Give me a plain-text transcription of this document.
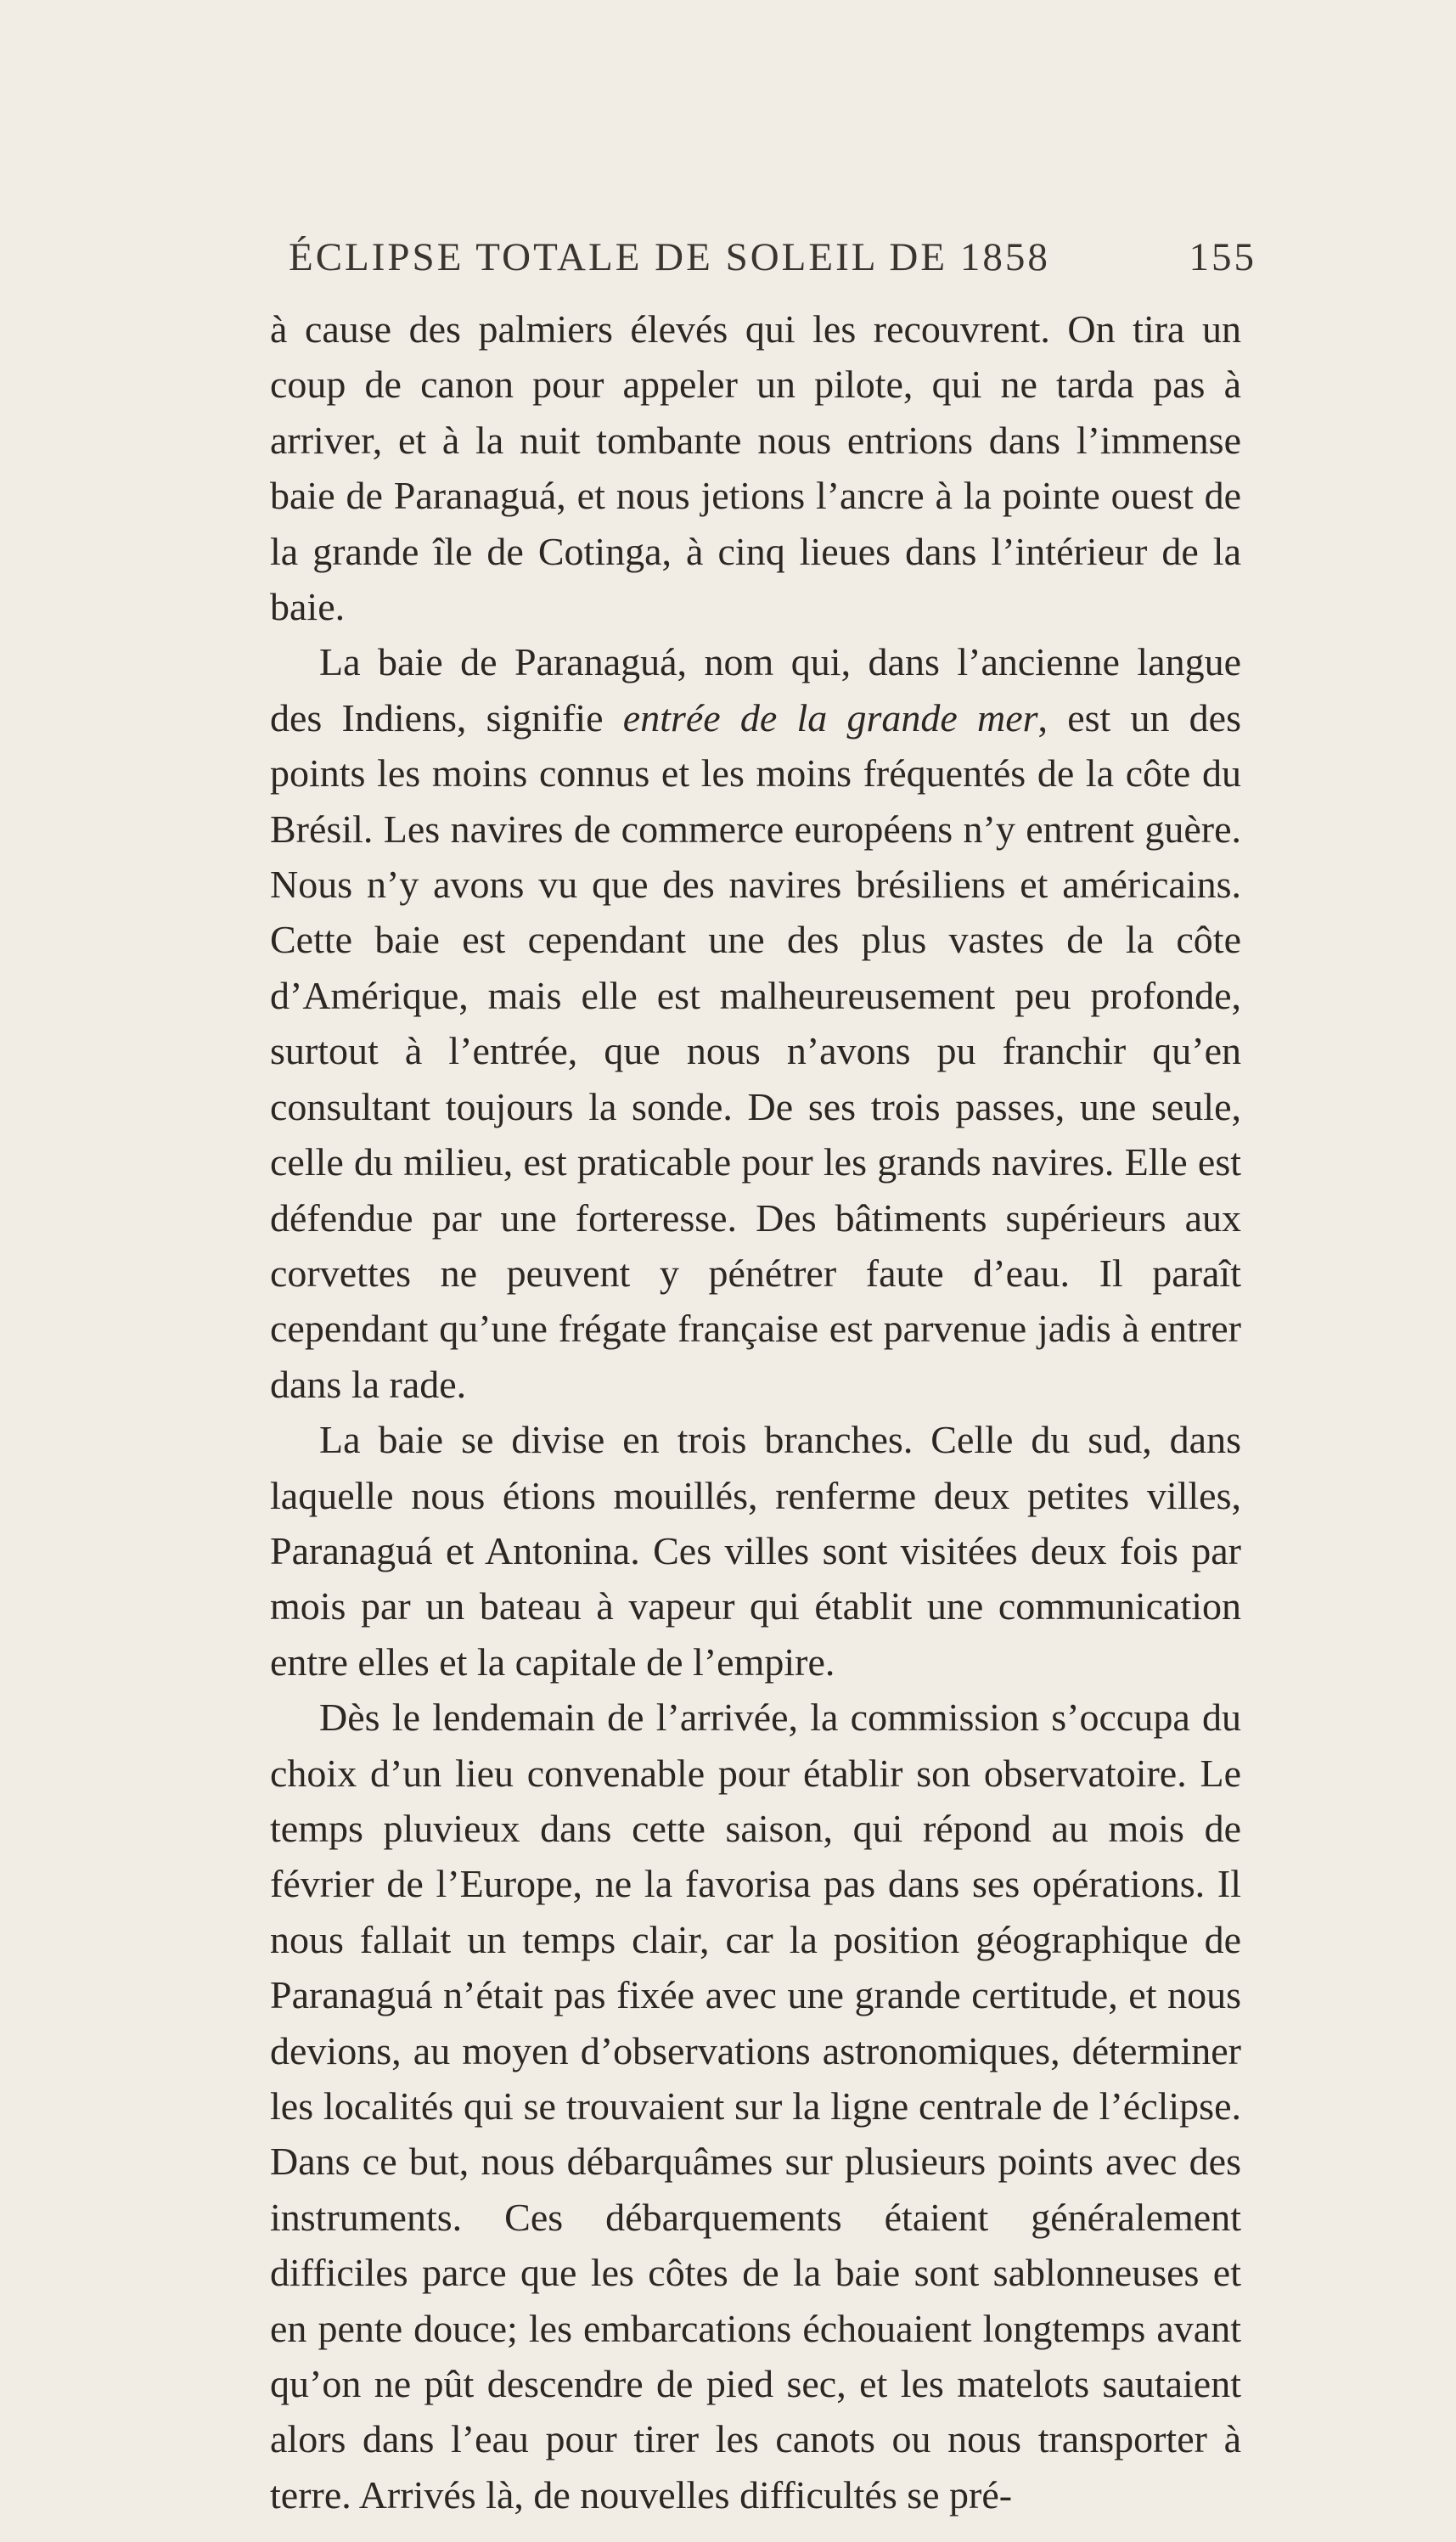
ÉCLIPSE TOTALE DE SOLEIL DE 1858	155

à cause des palmiers élevés qui les recouvrent. On tira un coup de canon pour appeler un pilote, qui ne tarda pas à arriver, et à la nuit tombante nous entrions dans l’immense baie de Paranaguá, et nous jetions l’ancre à la pointe ouest de la grande île de Cotinga, à cinq lieues dans l’intérieur de la baie.

La baie de Paranaguá, nom qui, dans l’ancienne langue des Indiens, signifie entrée de la grande mer, est un des points les moins connus et les moins fréquentés de la côte du Brésil. Les navires de commerce européens n’y entrent guère. Nous n’y avons vu que des navires brésiliens et américains. Cette baie est cependant une des plus vastes de la côte d’Amérique, mais elle est malheureusement peu profonde, surtout à l’entrée, que nous n’avons pu franchir qu’en consultant toujours la sonde. De ses trois passes, une seule, celle du milieu, est praticable pour les grands navires. Elle est défendue par une forteresse. Des bâtiments supérieurs aux corvettes ne peuvent y pénétrer faute d’eau. Il paraît cependant qu’une frégate française est parvenue jadis à entrer dans la rade.

La baie se divise en trois branches. Celle du sud, dans laquelle nous étions mouillés, renferme deux petites villes, Paranaguá et Antonina. Ces villes sont visitées deux fois par mois par un bateau à vapeur qui établit une communication entre elles et la capitale de l’empire.

Dès le lendemain de l’arrivée, la commission s’occupa du choix d’un lieu convenable pour établir son observatoire. Le temps pluvieux dans cette saison, qui répond au mois de février de l’Europe, ne la favorisa pas dans ses opérations. Il nous fallait un temps clair, car la position géographique de Paranaguá n’était pas fixée avec une grande certitude, et nous devions, au moyen d’observations astronomiques, déterminer les localités qui se trouvaient sur la ligne centrale de l’éclipse. Dans ce but, nous débarquâmes sur plusieurs points avec des instruments. Ces débarquements étaient généralement difficiles parce que les côtes de la baie sont sablonneuses et en pente douce; les embarcations échouaient longtemps avant qu’on ne pût descendre de pied sec, et les matelots sautaient alors dans l’eau pour tirer les canots ou nous transporter à terre. Arrivés là, de nouvelles difficultés se pré-
